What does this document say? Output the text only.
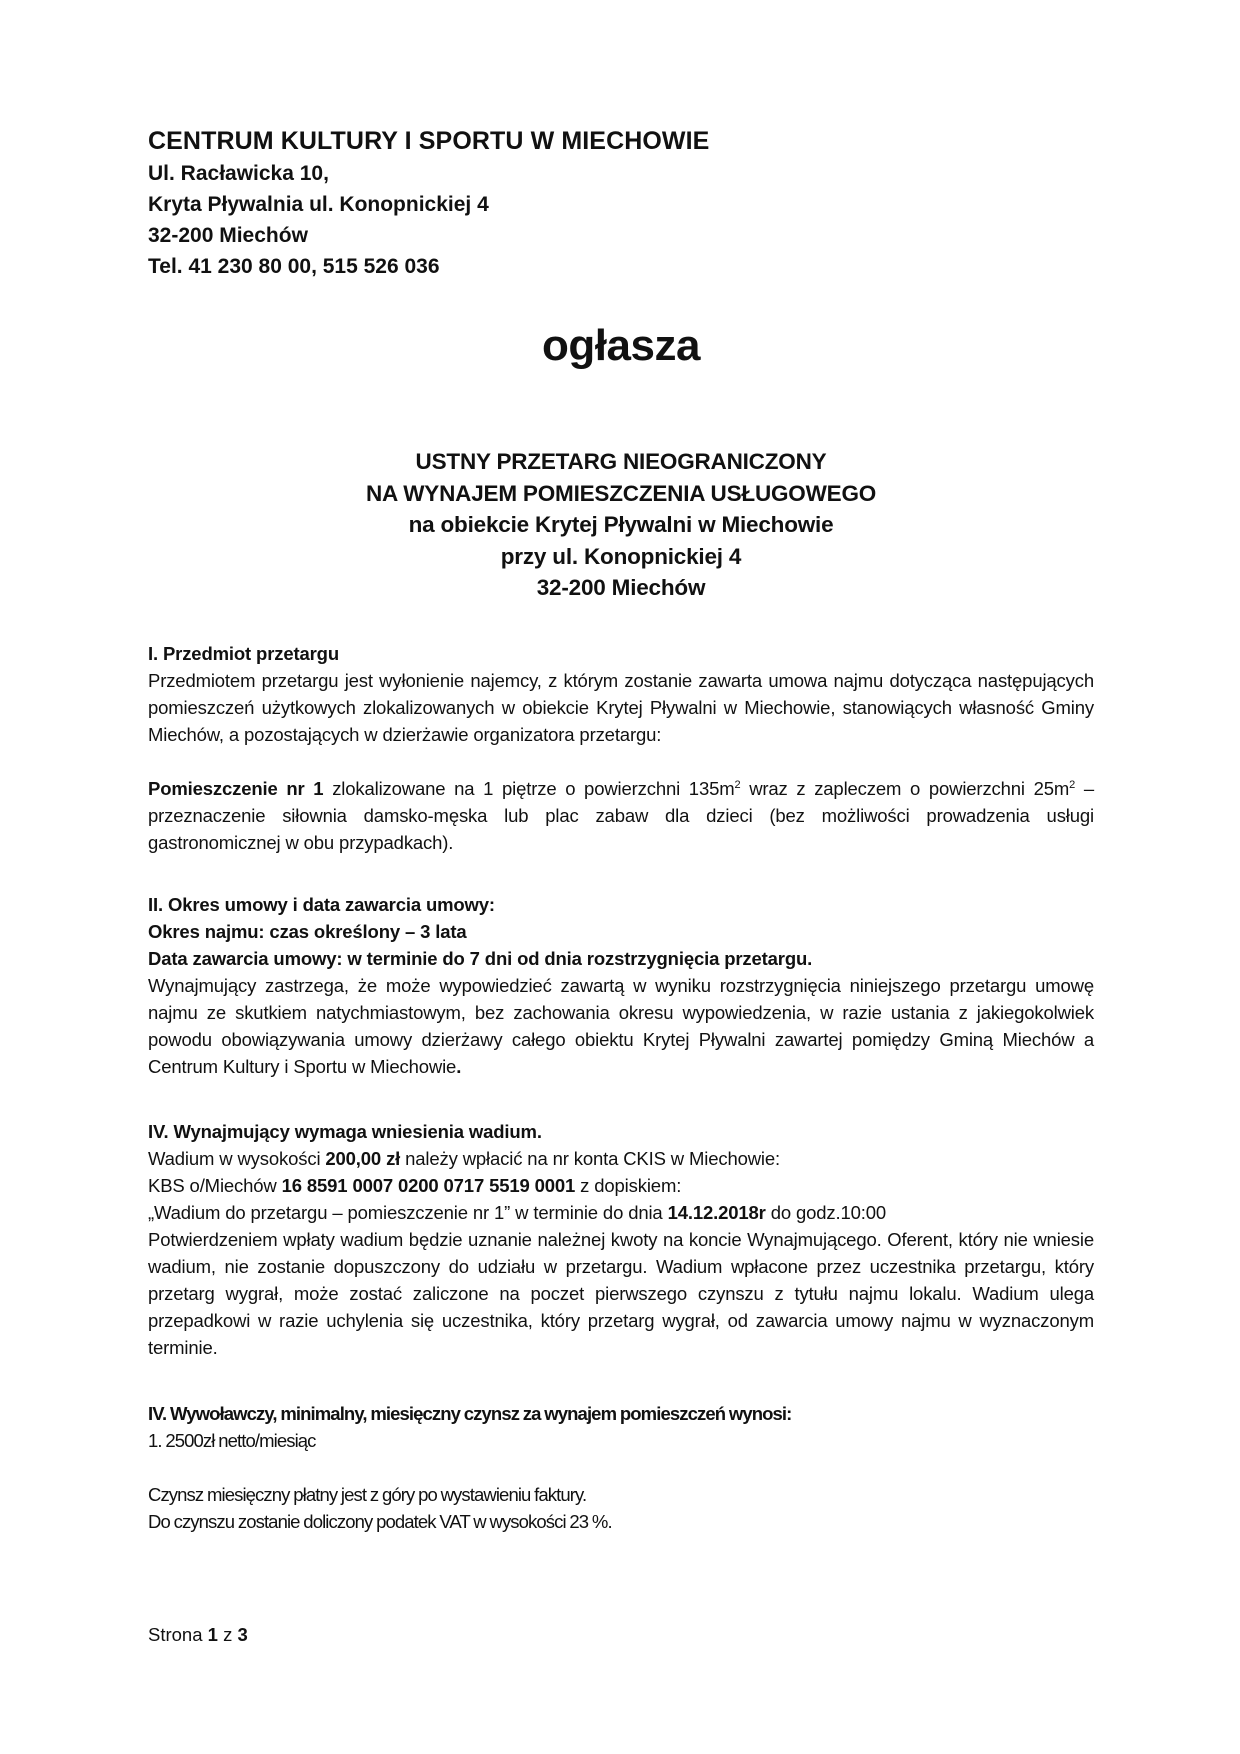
CENTRUM KULTURY I SPORTU W MIECHOWIE
Ul. Racławicka 10,
Kryta Pływalnia ul. Konopnickiej 4
32-200 Miechów
Tel. 41 230 80 00, 515 526 036
ogłasza
USTNY PRZETARG NIEOGRANICZONY
NA WYNAJEM POMIESZCZENIA USŁUGOWEGO
na obiekcie Krytej Pływalni w Miechowie
przy ul. Konopnickiej 4
32-200 Miechów

I. Przedmiot przetargu

Przedmiotem przetargu jest wyłonienie najemcy, z którym zostanie zawarta umowa najmu dotycząca następujących pomieszczeń użytkowych zlokalizowanych w obiekcie Krytej Pływalni w Miechowie, stanowiących własność Gminy Miechów, a pozostających w dzierżawie organizatora przetargu:

Pomieszczenie nr 1 zlokalizowane na 1 piętrze o powierzchni $135m^2$ wraz z zapleczem o powierzchni $25m^2$ – przeznaczenie siłownia damsko-męska lub plac zabaw dla dzieci (bez możliwości prowadzenia usługi gastronomicznej w obu przypadkach).

II. Okres umowy i data zawarcia umowy:

Okres najmu: czas określony – 3 lata

Data zawarcia umowy: w terminie do 7 dni od dnia rozstrzygnięcia przetargu.

Wynajmujący zastrzega, że może wypowiedzieć zawartą w wyniku rozstrzygnięcia niniejszego przetargu umowę najmu ze skutkiem natychmiastowym, bez zachowania okresu wypowiedzenia, w razie ustania z jakiegokolwiek powodu obowiązywania umowy dzierżawy całego obiektu Krytej Pływalni zawartej pomiędzy Gminą Miechów a Centrum Kultury i Sportu w Miechowie.

IV. Wynajmujący wymaga wniesienia wadium.

Wadium w wysokości 200,00 zł należy wpłacić na nr konta CKIS w Miechowie:

KBS o/Miechów 16 8591 0007 0200 0717 5519 0001 z dopiskiem:

„Wadium do przetargu – pomieszczenie nr 1” w terminie do dnia 14.12.2018r do godz.10:00

Potwierdzeniem wpłaty wadium będzie uznanie należnej kwoty na koncie Wynajmującego. Oferent, który nie wniesie wadium, nie zostanie dopuszczony do udziału w przetargu. Wadium wpłacone przez uczestnika przetargu, który przetarg wygrał, może zostać zaliczone na poczet pierwszego czynszu z tytułu najmu lokalu. Wadium ulega przepadkowi w razie uchylenia się uczestnika, który przetarg wygrał, od zawarcia umowy najmu w wyznaczonym terminie.

IV. Wywoławczy, minimalny, miesięczny czynsz za wynajem pomieszczeń wynosi:

1. 2500zł netto/miesiąc

Czynsz miesięczny płatny jest z góry po wystawieniu faktury.

Do czynszu zostanie doliczony podatek VAT w wysokości 23 %.

Strona 1 z 3
